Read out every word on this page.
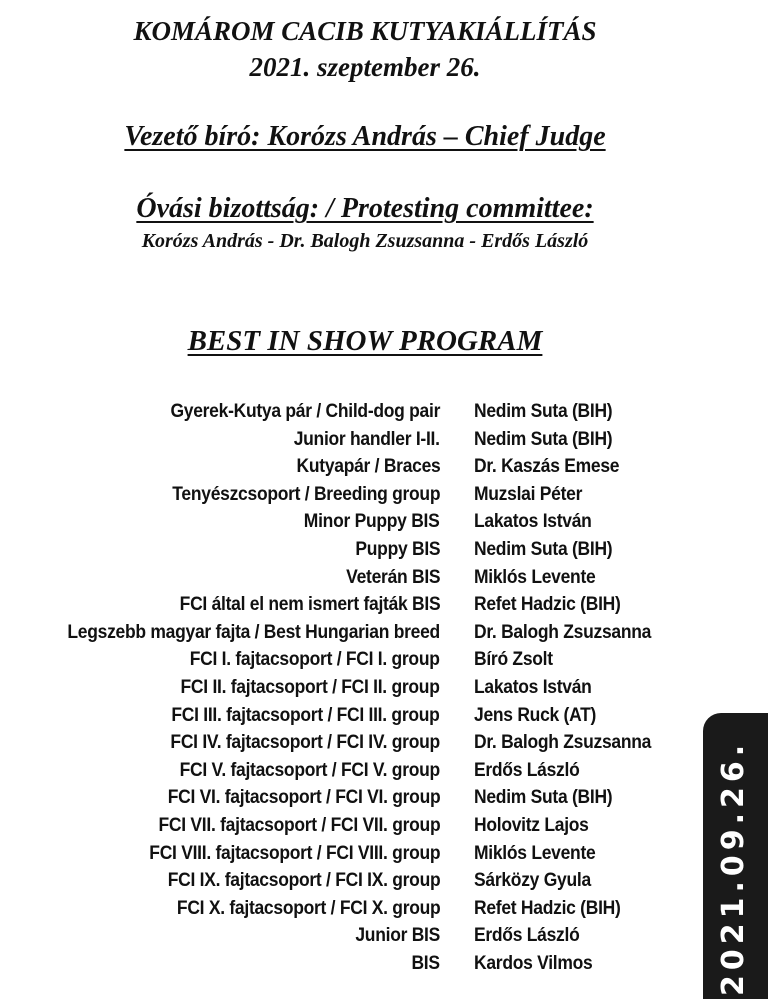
KOMÁROM CACIB KUTYAKIÁLLÍTÁS
2021. szeptember 26.
Vezető bíró: Korózs András – Chief Judge
Óvási bizottság: / Protesting committee:
Korózs András - Dr. Balogh Zsuzsanna - Erdős László
BEST IN SHOW PROGRAM
Gyerek-Kutya pár / Child-dog pair Nedim Suta (BIH)
Junior handler I-II. Nedim Suta (BIH)
Kutyapár / Braces Dr. Kaszás Emese
Tenyészcsoport / Breeding group Muzslai Péter
Minor Puppy BIS Lakatos István
Puppy BIS Nedim Suta (BIH)
Veterán BIS Miklós Levente
FCI által el nem ismert fajták BIS Refet Hadzic (BIH)
Legszebb magyar fajta / Best Hungarian breed Dr. Balogh Zsuzsanna
FCI I. fajtacsoport / FCI I. group Bíró Zsolt
FCI II. fajtacsoport / FCI II. group Lakatos István
FCI III. fajtacsoport / FCI III. group Jens Ruck (AT)
FCI IV. fajtacsoport / FCI IV. group Dr. Balogh Zsuzsanna
FCI V. fajtacsoport / FCI V. group Erdős László
FCI VI. fajtacsoport / FCI VI. group Nedim Suta (BIH)
FCI VII. fajtacsoport / FCI VII. group Holovitz Lajos
FCI VIII. fajtacsoport / FCI VIII. group Miklós Levente
FCI IX. fajtacsoport / FCI IX. group Sárközy Gyula
FCI X. fajtacsoport / FCI X. group Refet Hadzic (BIH)
Junior BIS Erdős László
BIS Kardos Vilmos	2021.09.26.
